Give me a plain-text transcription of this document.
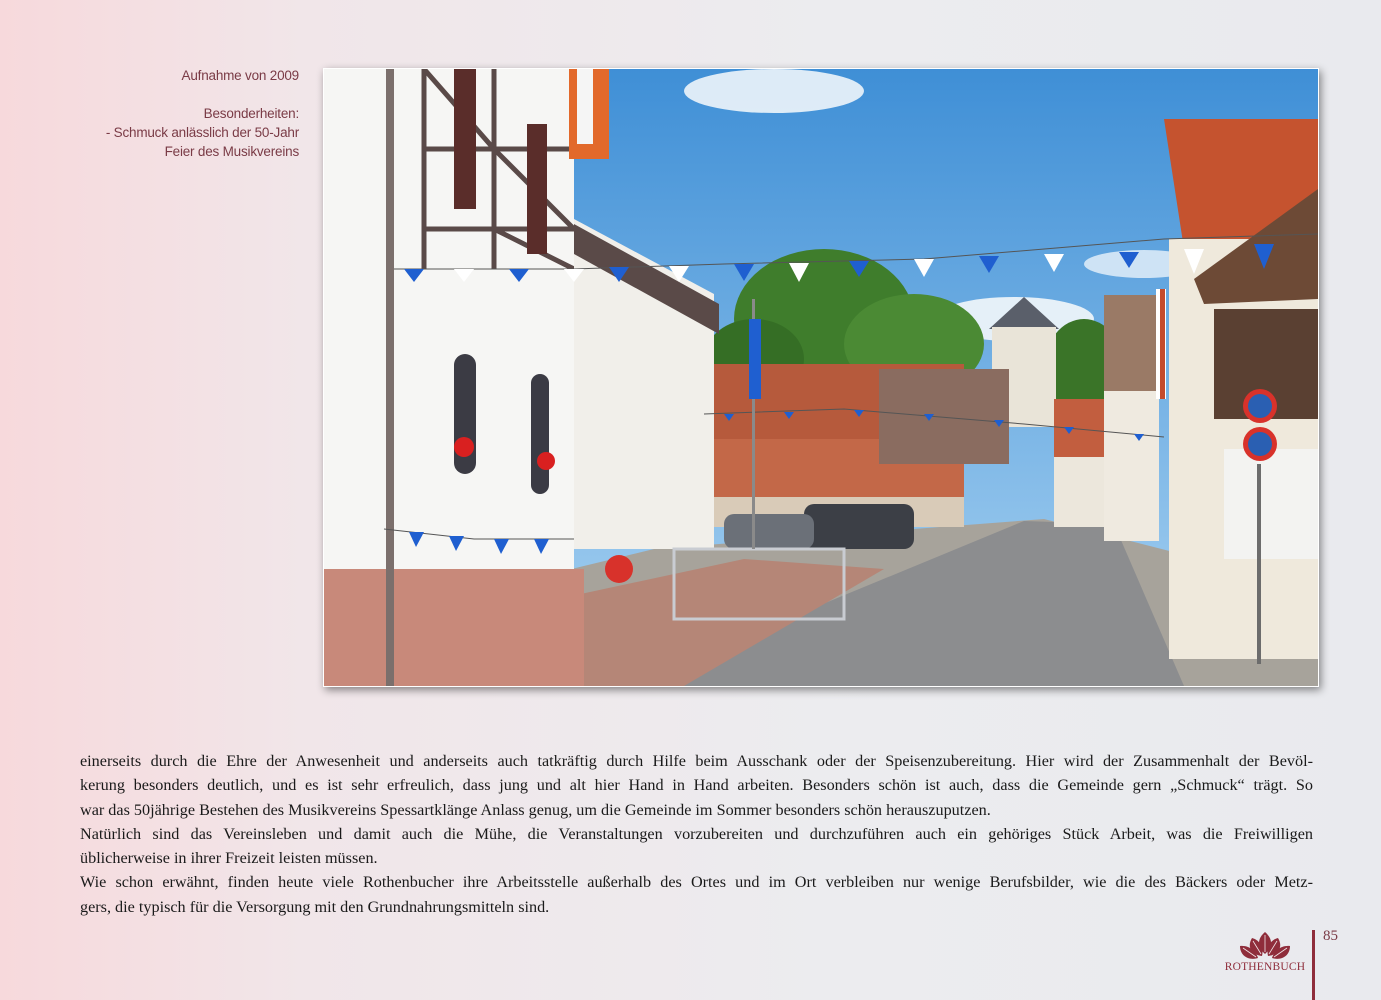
Aufnahme von 2009
Besonderheiten:
- Schmuck anlässlich der 50-Jahr
Feier des Musikvereins

einerseits durch die Ehre der Anwesenheit und anderseits auch tatkräftig durch Hilfe beim Ausschank oder der Speisenzubereitung. Hier wird der Zusammenhalt der Bevöl-

kerung besonders deutlich, und es ist sehr erfreulich, dass jung und alt hier Hand in Hand arbeiten. Besonders schön ist auch, dass die Gemeinde gern „Schmuck“ trägt. So

war das 50jährige Bestehen des Musikvereins Spessartklänge Anlass genug, um die Gemeinde im Sommer besonders schön herauszuputzen.

Natürlich sind das Vereinsleben und damit auch die Mühe, die Veranstaltungen vorzubereiten und durchzuführen auch ein gehöriges Stück Arbeit, was die Freiwilligen

üblicherweise in ihrer Freizeit leisten müssen.

Wie schon erwähnt, finden heute viele Rothenbucher ihre Arbeitsstelle außerhalb des Ortes und im Ort verbleiben nur wenige Berufsbilder, wie die des Bäckers oder Metz-

gers, die typisch für die Versorgung mit den Grundnahrungsmitteln sind.

ROTHENBUCH
85
